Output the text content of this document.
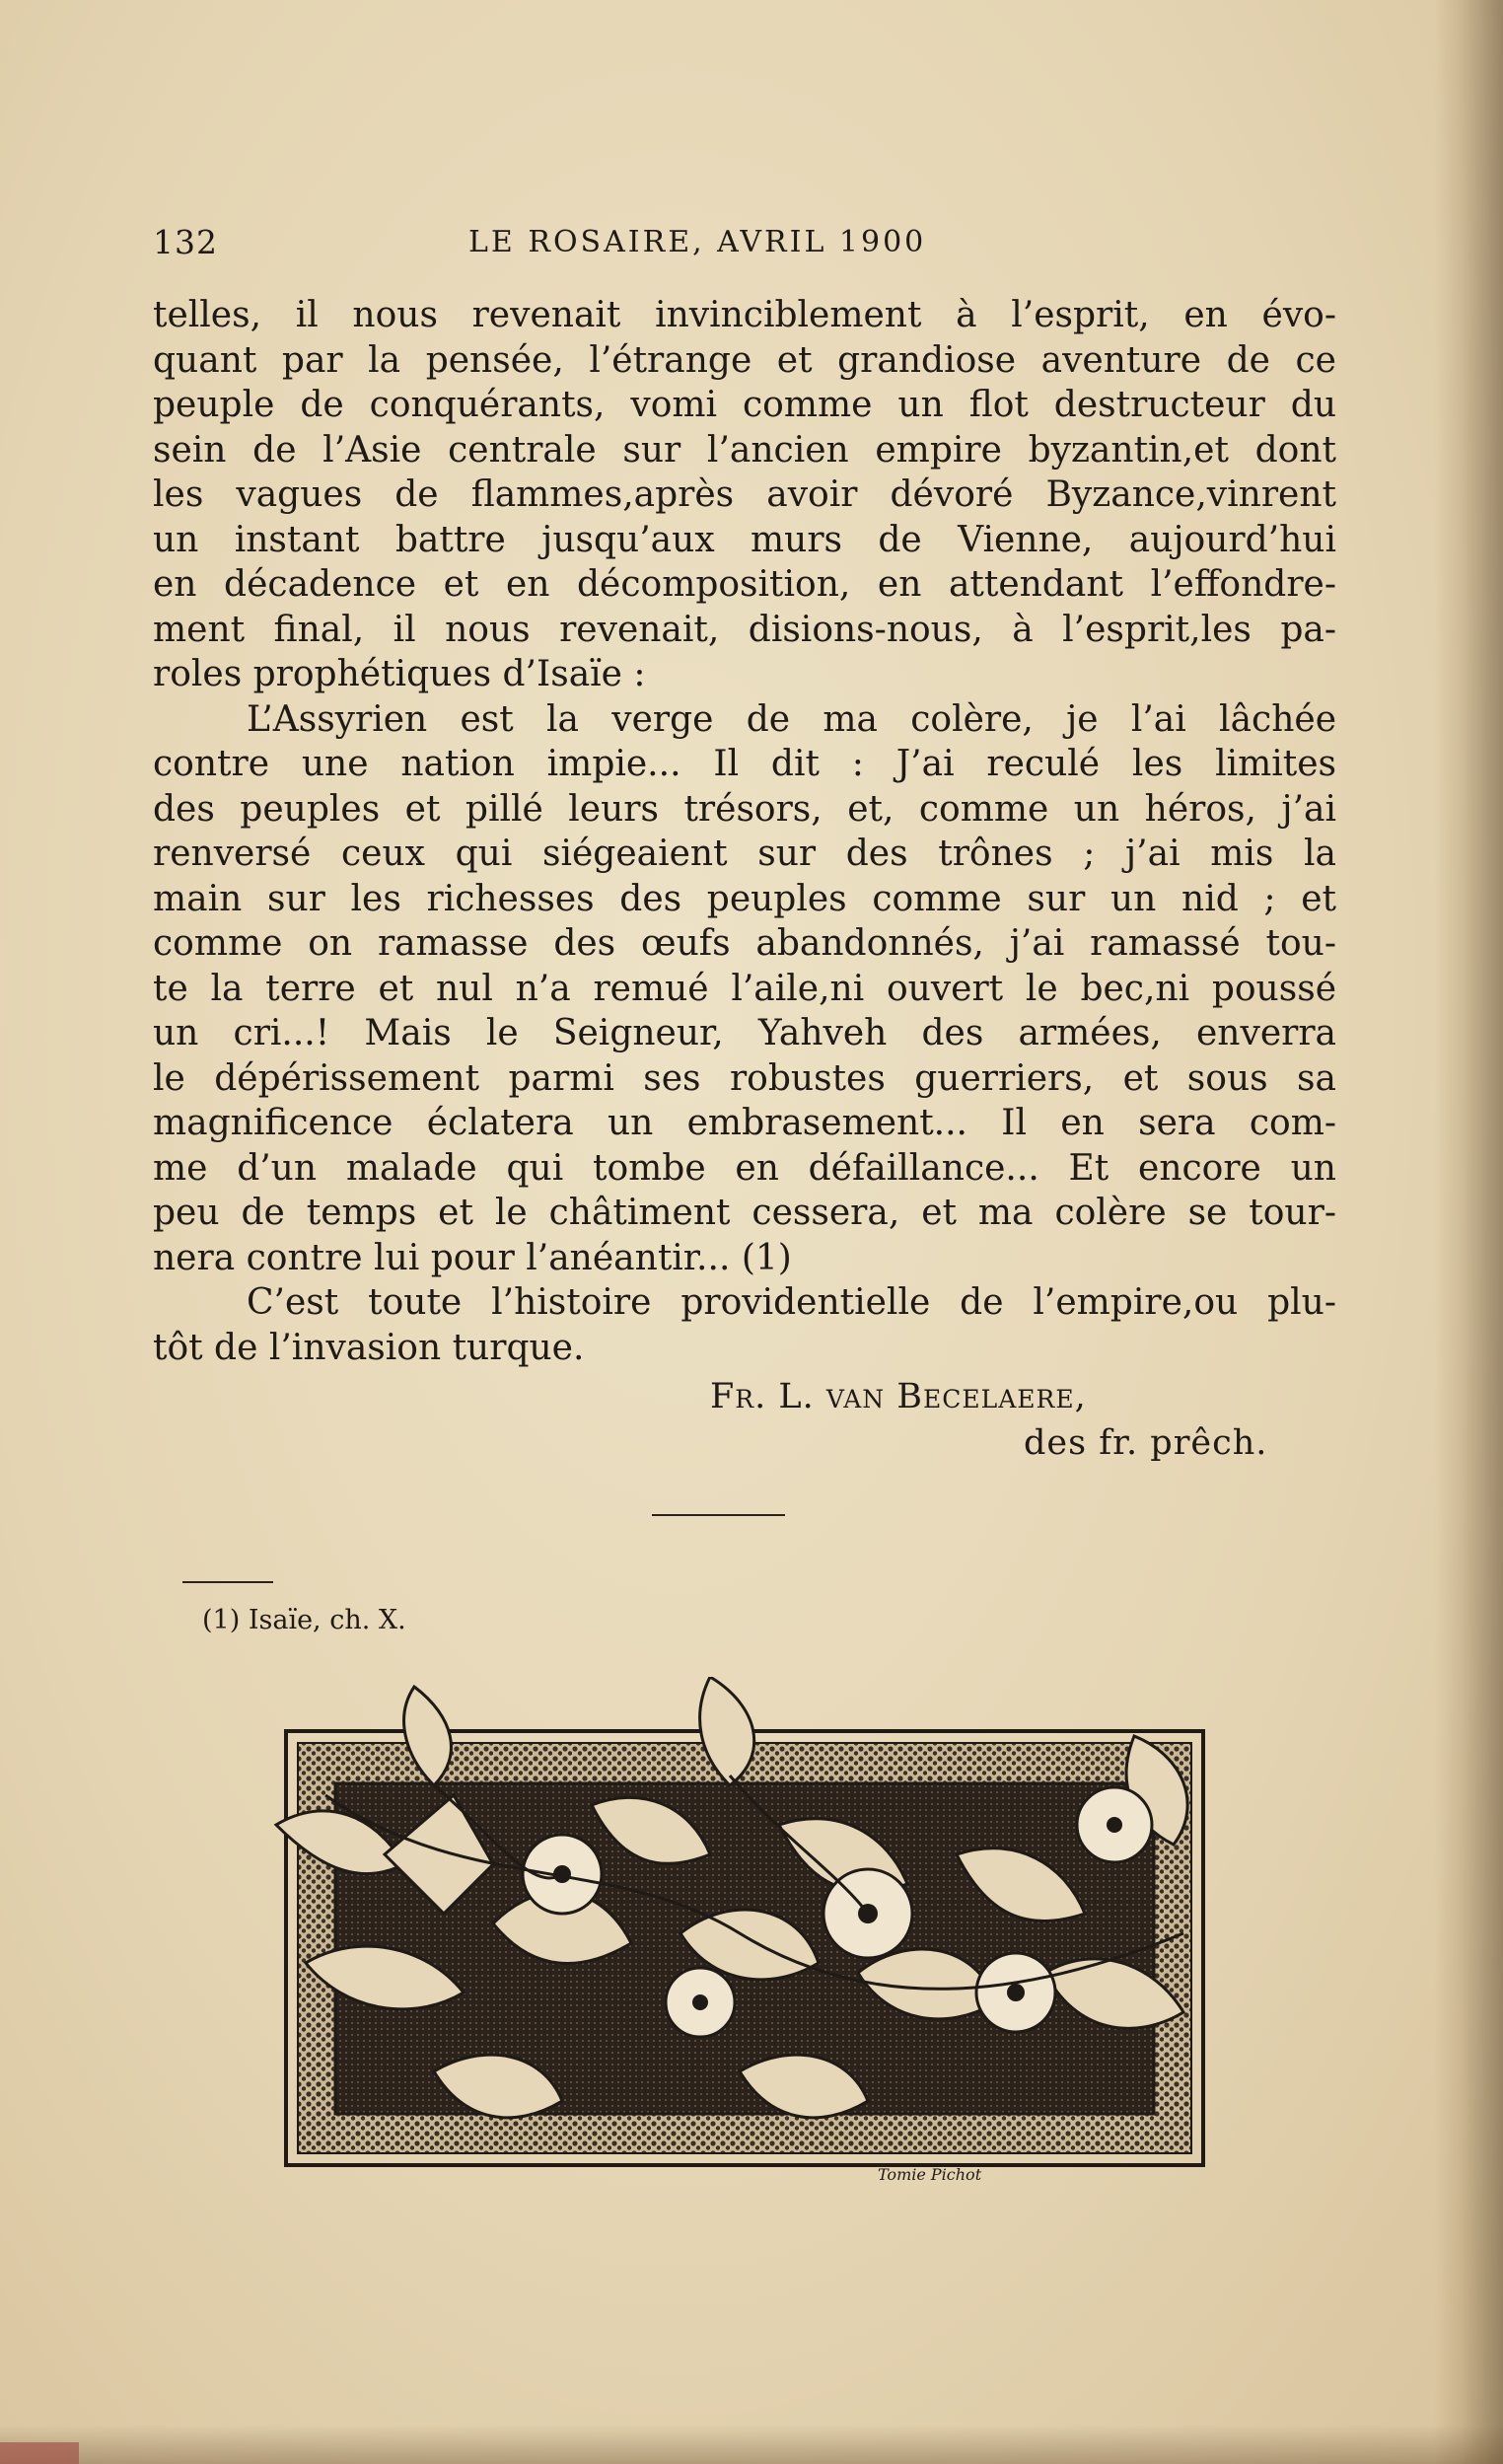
132	LE ROSAIRE, AVRIL 1900
telles, il nous revenait invinciblement à l’esprit, en évo-
quant par la pensée, l’étrange et grandiose aventure de ce
peuple de conquérants, vomi comme un flot destructeur du
sein de l’Asie centrale sur l’ancien empire byzantin,et dont
les vagues de flammes,après avoir dévoré Byzance,vinrent
un instant battre jusqu’aux murs de Vienne, aujourd’hui
en décadence et en décomposition, en attendant l’effondre-
ment final, il nous revenait, disions-nous, à l’esprit,les pa-
roles prophétiques d’Isaïe :
L’Assyrien est la verge de ma colère, je l’ai lâchée
contre une nation impie... Il dit : J’ai reculé les limites
des peuples et pillé leurs trésors, et, comme un héros, j’ai
renversé ceux qui siégeaient sur des trônes ; j’ai mis la
main sur les richesses des peuples comme sur un nid ; et
comme on ramasse des œufs abandonnés, j’ai ramassé tou-
te la terre et nul n’a remué l’aile,ni ouvert le bec,ni poussé
un cri...! Mais le Seigneur, Yahveh des armées, enverra
le dépérissement parmi ses robustes guerriers, et sous sa
magnificence éclatera un embrasement... Il en sera com-
me d’un malade qui tombe en défaillance... Et encore un
peu de temps et le châtiment cessera, et ma colère se tour-
nera contre lui pour l’anéantir... (1)
C’est toute l’histoire providentielle de l’empire,ou plu-
tôt de l’invasion turque.
Fr. L. van Becelaere,
des fr. prêch.
(1) Isaïe, ch. X.
Tomie Pichot
